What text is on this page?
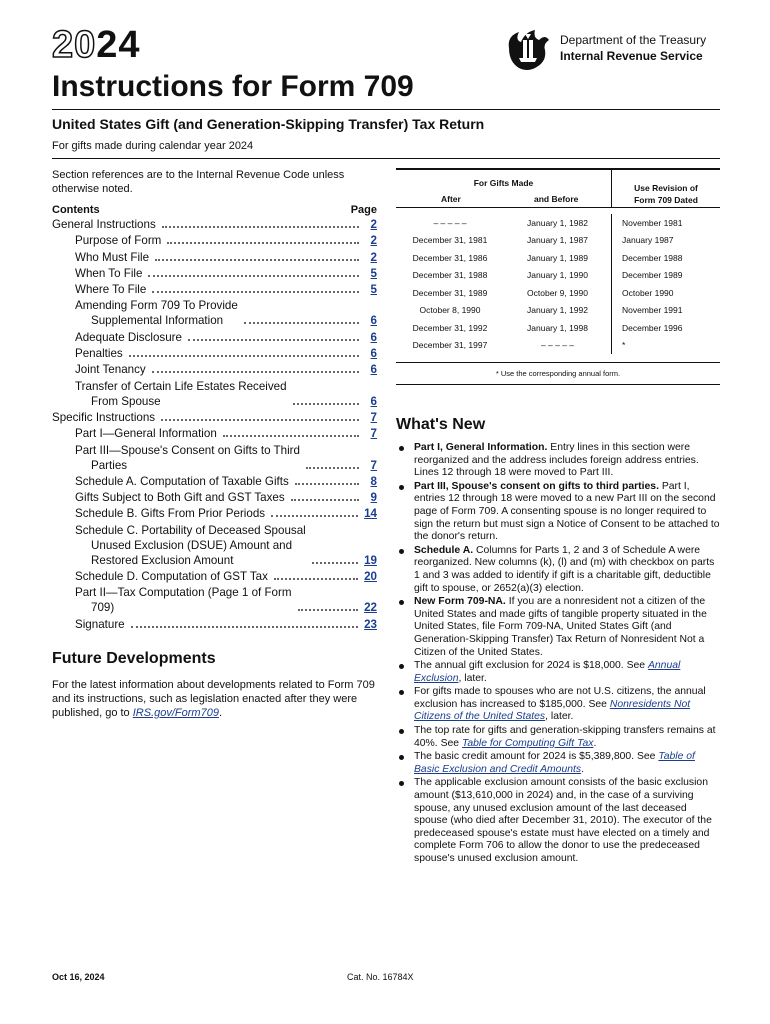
2024
Instructions for Form 709
Department of the Treasury
Internal Revenue Service
United States Gift (and Generation-Skipping Transfer) Tax Return
For gifts made during calendar year 2024

Section references are to the Internal Revenue Code unless otherwise noted.

Contents	Page
General Instructions	2
Purpose of Form	2
Who Must File	2
When To File	5
Where To File	5
Amending Form 709 To Provide
Supplemental Information	6
Adequate Disclosure	6
Penalties	6
Joint Tenancy	6
Transfer of Certain Life Estates Received
From Spouse	6
Specific Instructions	7
Part I—General Information	7
Part III—Spouse's Consent on Gifts to Third
Parties	7
Schedule A. Computation of Taxable Gifts	8
Gifts Subject to Both Gift and GST Taxes	9
Schedule B. Gifts From Prior Periods	14
Schedule C. Portability of Deceased Spousal
Unused Exclusion (DSUE) Amount and
Restored Exclusion Amount	19
Schedule D. Computation of GST Tax	20
Part II—Tax Computation (Page 1 of Form
709)	22
Signature	23
Future Developments

For the latest information about developments related to Form 709 and its instructions, such as legislation enacted after they were published, go to IRS.gov/Form709.

For Gifts Made
After	and Before
Use Revision of
Form 709 Dated
– – – – –	January 1, 1982	November 1981
December 31, 1981	January 1, 1987	January 1987
December 31, 1986	January 1, 1989	December 1988
December 31, 1988	January 1, 1990	December 1989
December 31, 1989	October 9, 1990	October 1990
October 8, 1990	January 1, 1992	November 1991
December 31, 1992	January 1, 1998	December 1996
December 31, 1997	– – – – –	*
* Use the corresponding annual form.
What's New
Part I, General Information. Entry lines in this section were reorganized and the address includes foreign address entries. Lines 12 through 18 were moved to Part III.
Part III, Spouse's consent on gifts to third parties. Part I, entries 12 through 18 were moved to a new Part III on the second page of Form 709. A consenting spouse is no longer required to sign the return but must sign a Notice of Consent to be attached to the donor's return.
Schedule A. Columns for Parts 1, 2 and 3 of Schedule A were reorganized. New columns (k), (l) and (m) with checkbox on parts 1 and 3 was added to identify if gift is a charitable gift, deductible gift to spouse, or 2652(a)(3) election.
New Form 709-NA. If you are a nonresident not a citizen of the United States and made gifts of tangible property situated in the United States, file Form 709-NA, United States Gift (and Generation-Skipping Transfer) Tax Return of Nonresident Not a Citizen of the United States.
The annual gift exclusion for 2024 is $18,000. See Annual Exclusion, later.
For gifts made to spouses who are not U.S. citizens, the annual exclusion has increased to $185,000. See Nonresidents Not Citizens of the United States, later.
The top rate for gifts and generation-skipping transfers remains at 40%. See Table for Computing Gift Tax.
The basic credit amount for 2024 is $5,389,800. See Table of Basic Exclusion and Credit Amounts.
The applicable exclusion amount consists of the basic exclusion amount ($13,610,000 in 2024) and, in the case of a surviving spouse, any unused exclusion amount of the last deceased spouse (who died after December 31, 2010). The executor of the predeceased spouse's estate must have elected on a timely and complete Form 706 to allow the donor to use the predeceased spouse's unused exclusion amount.
Oct 16, 2024	Cat. No. 16784X
